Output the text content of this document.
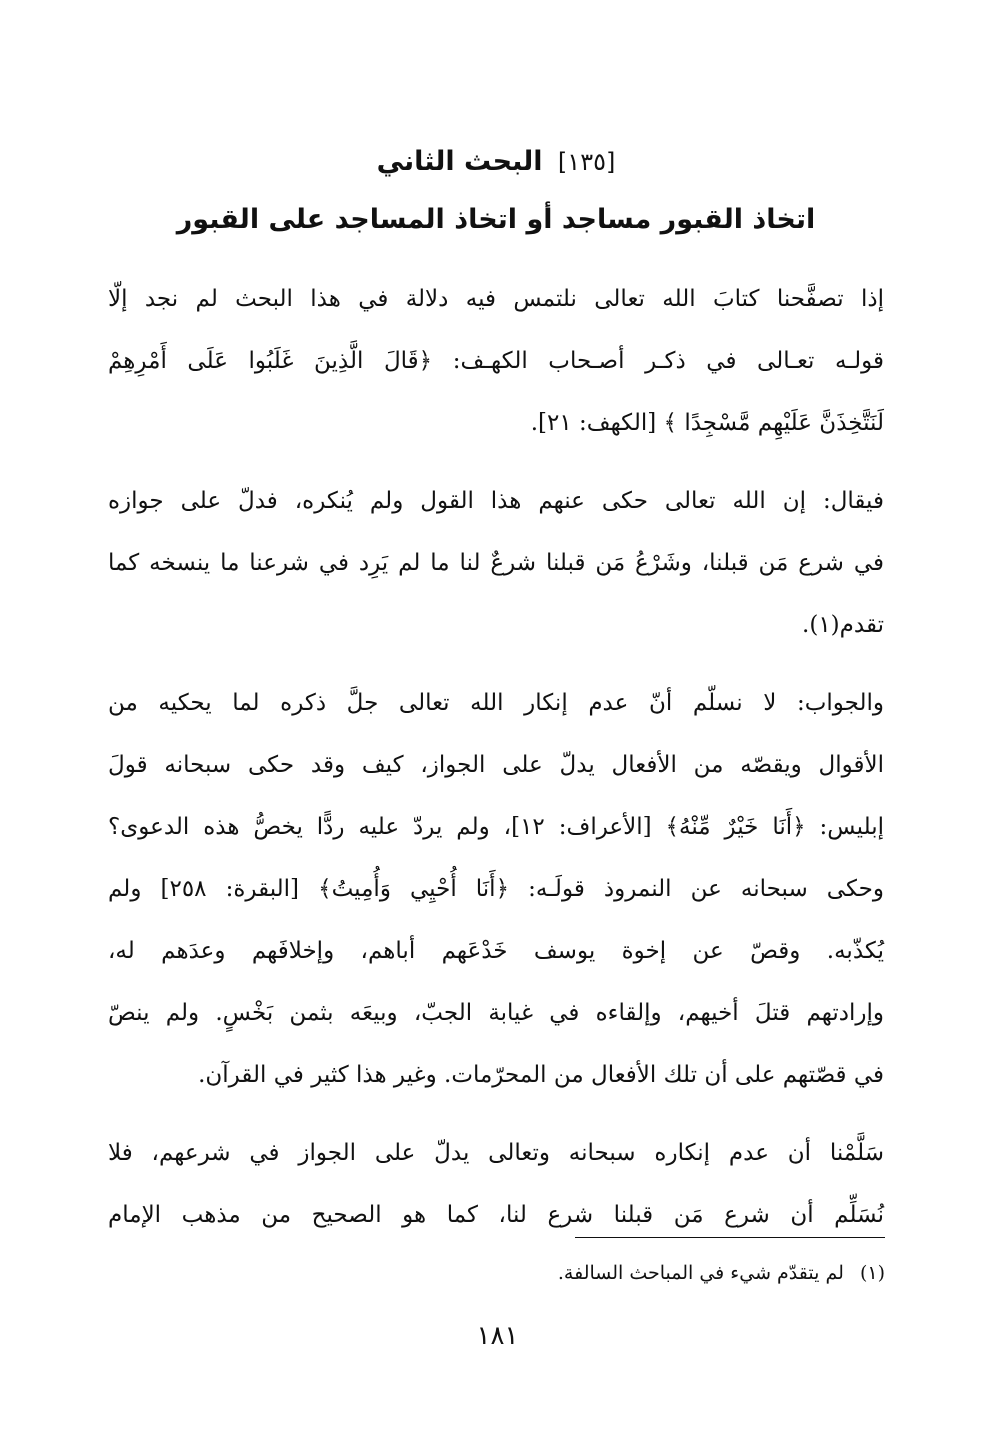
[١٣٥] البحث الثاني
اتخاذ القبور مساجد أو اتخاذ المساجد على القبور
إذا تصفَّحنا كتابَ الله تعالى نلتمس فيه دلالة في هذا البحث لم نجد إلّا
قولـه تعـالى في ذكـر أصـحاب الكهـف: ﴿قَالَ الَّذِينَ غَلَبُوا عَلَى أَمْرِهِمْ
لَنَتَّخِذَنَّ عَلَيْهِم مَّسْجِدًا ﴾ [الكهف: ٢١].
فيقال: إن الله تعالى حكى عنهم هذا القول ولم يُنكره، فدلّ على جوازه
في شرع مَن قبلنا، وشَرْعُ مَن قبلنا شرعٌ لنا ما لم يَرِد في شرعنا ما ينسخه كما
تقدم(١).
والجواب: لا نسلّم أنّ عدم إنكار الله تعالى جلَّ ذكره لما يحكيه من
الأقوال ويقصّه من الأفعال يدلّ على الجواز، كيف وقد حكى سبحانه قولَ
إبليس: ﴿أَنَا خَيْرٌ مِّنْهُ﴾ [الأعراف: ١٢]، ولم يردّ عليه ردًّا يخصُّ هذه الدعوى؟
وحكى سبحانه عن النمروذ قولَـه: ﴿أَنَا أُحْيِي وَأُمِيتُ﴾ [البقرة: ٢٥٨] ولم
يُكذّبه. وقصّ عن إخوة يوسف خَدْعَهم أباهم، وإخلافَهم وعدَهم له،
وإرادتهم قتلَ أخيهم، وإلقاءه في غيابة الجبّ، وبيعَه بثمن بَخْسٍ. ولم ينصّ
في قصّتهم على أن تلك الأفعال من المحرّمات. وغير هذا كثير في القرآن.
سَلَّمْنا أن عدم إنكاره سبحانه وتعالى يدلّ على الجواز في شرعهم، فلا
نُسَلِّم أن شرع مَن قبلنا شرع لنا، كما هو الصحيح من مذهب الإمام
(١) لم يتقدّم شيء في المباحث السالفة.
١٨١
